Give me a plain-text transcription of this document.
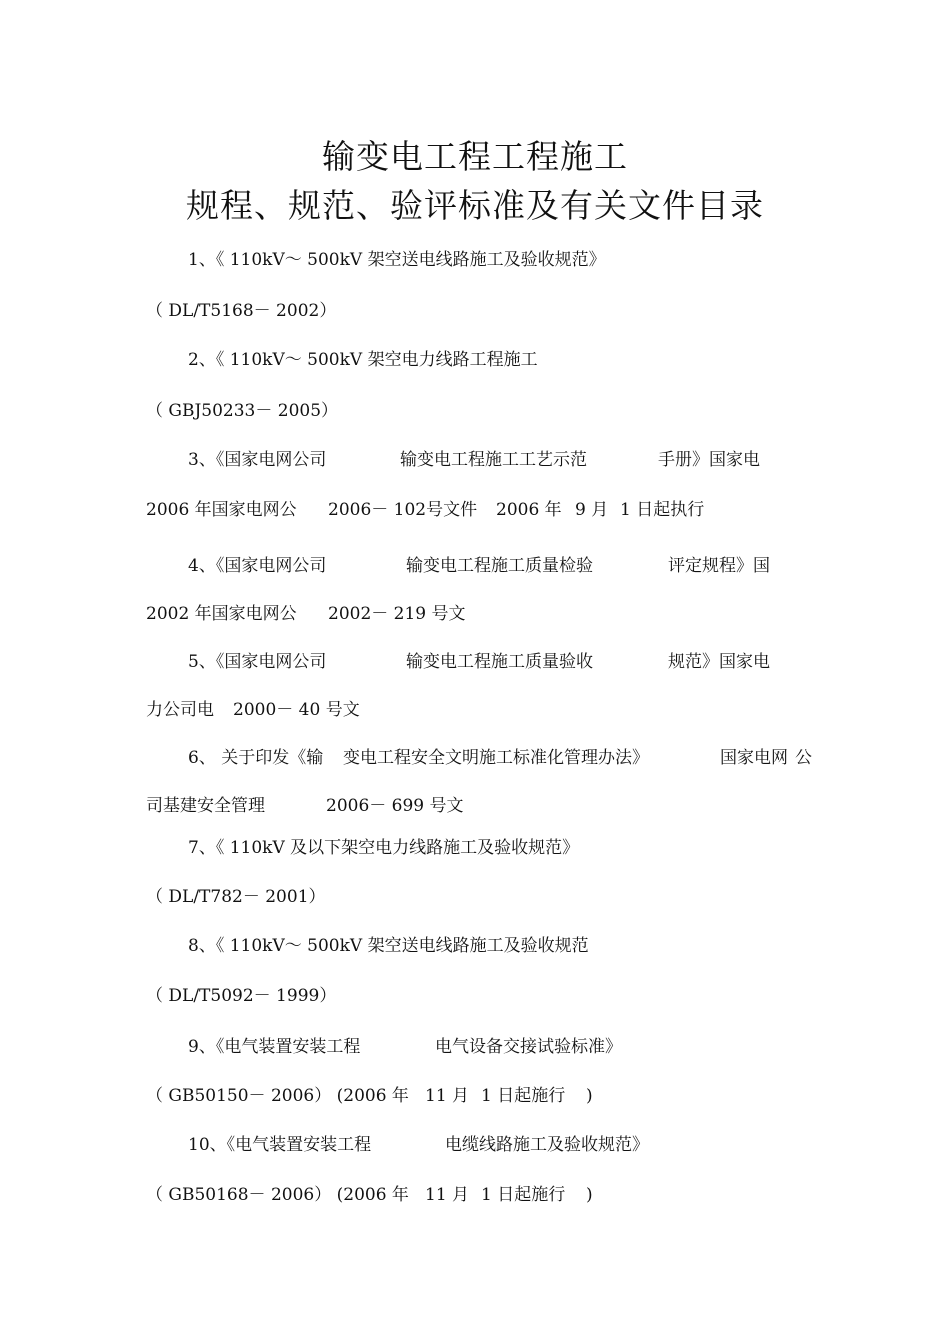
输变电工程工程施工
规程、规范、验评标准及有关文件目录
1、《 110kV～ 500kV 架空送电线路施工及验收规范》
（ DL/T5168－ 2002）
2、《 110kV～ 500kV 架空电力线路工程施工
（ GBJ50233－ 2005）
3、《国家电网公司	输变电工程施工工艺示范	手册》国家电
2006 年国家电网公 2006－ 102号文件 2006 年 9 月 1 日起执行
4、《国家电网公司	输变电工程施工质量检验	评定规程》国
2002 年国家电网公 2002－ 219 号文
5、《国家电网公司	输变电工程施工质量验收	规范》国家电
力公司电 2000－ 40 号文
6、 关于印发《输 变电工程安全文明施工标准化管理办法》	国家电网 公
司基建安全管理	2006－ 699 号文
7、《 110kV 及以下架空电力线路施工及验收规范》
（ DL/T782－ 2001）
8、《 110kV～ 500kV 架空送电线路施工及验收规范
（ DL/T5092－ 1999）
9、《电气装置安装工程	电气设备交接试验标准》
（ GB50150－ 2006） (2006 年 11 月 1 日起施行 )
10、《电气装置安装工程	电缆线路施工及验收规范》
（ GB50168－ 2006） (2006 年 11 月 1 日起施行 )
